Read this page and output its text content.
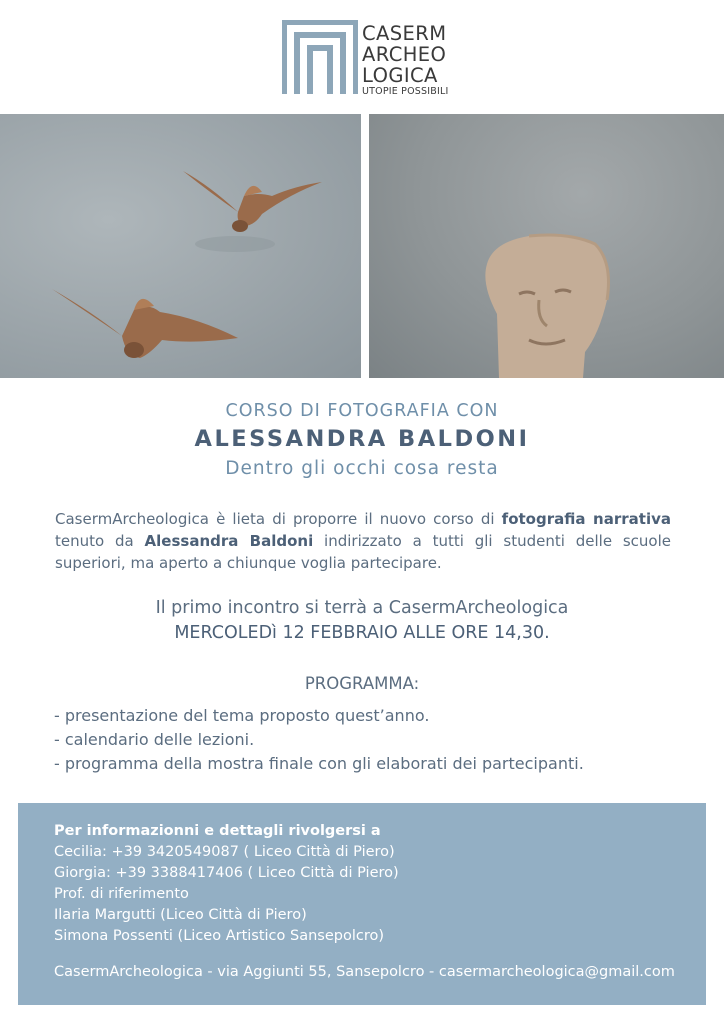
CASERM
ARCHEO
LOGICA
UTOPIE POSSIBILI
CORSO DI FOTOGRAFIA CON
ALESSANDRA BALDONI
Dentro gli occhi cosa resta
CasermArcheologica è lieta di proporre il nuovo corso di fotografia narrativa tenuto da Alessandra Baldoni indirizzato a tutti gli studenti delle scuole superiori, ma aperto a chiunque voglia partecipare.
Il primo incontro si terrà a CasermArcheologica
MERCOLEDì 12 FEBBRAIO ALLE ORE 14,30.
PROGRAMMA:
- presentazione del tema proposto quest’anno.
- calendario delle lezioni.
- programma della mostra finale con gli elaborati dei partecipanti.
Per informazionni e dettagli rivolgersi a
Cecilia: +39 3420549087 ( Liceo Città di Piero)
Giorgia: +39 3388417406 ( Liceo Città di Piero)
Prof. di riferimento
Ilaria Margutti (Liceo Città di Piero)
Simona Possenti (Liceo Artistico Sansepolcro)
CasermArcheologica - via Aggiunti 55, Sansepolcro - casermarcheologica@gmail.com
